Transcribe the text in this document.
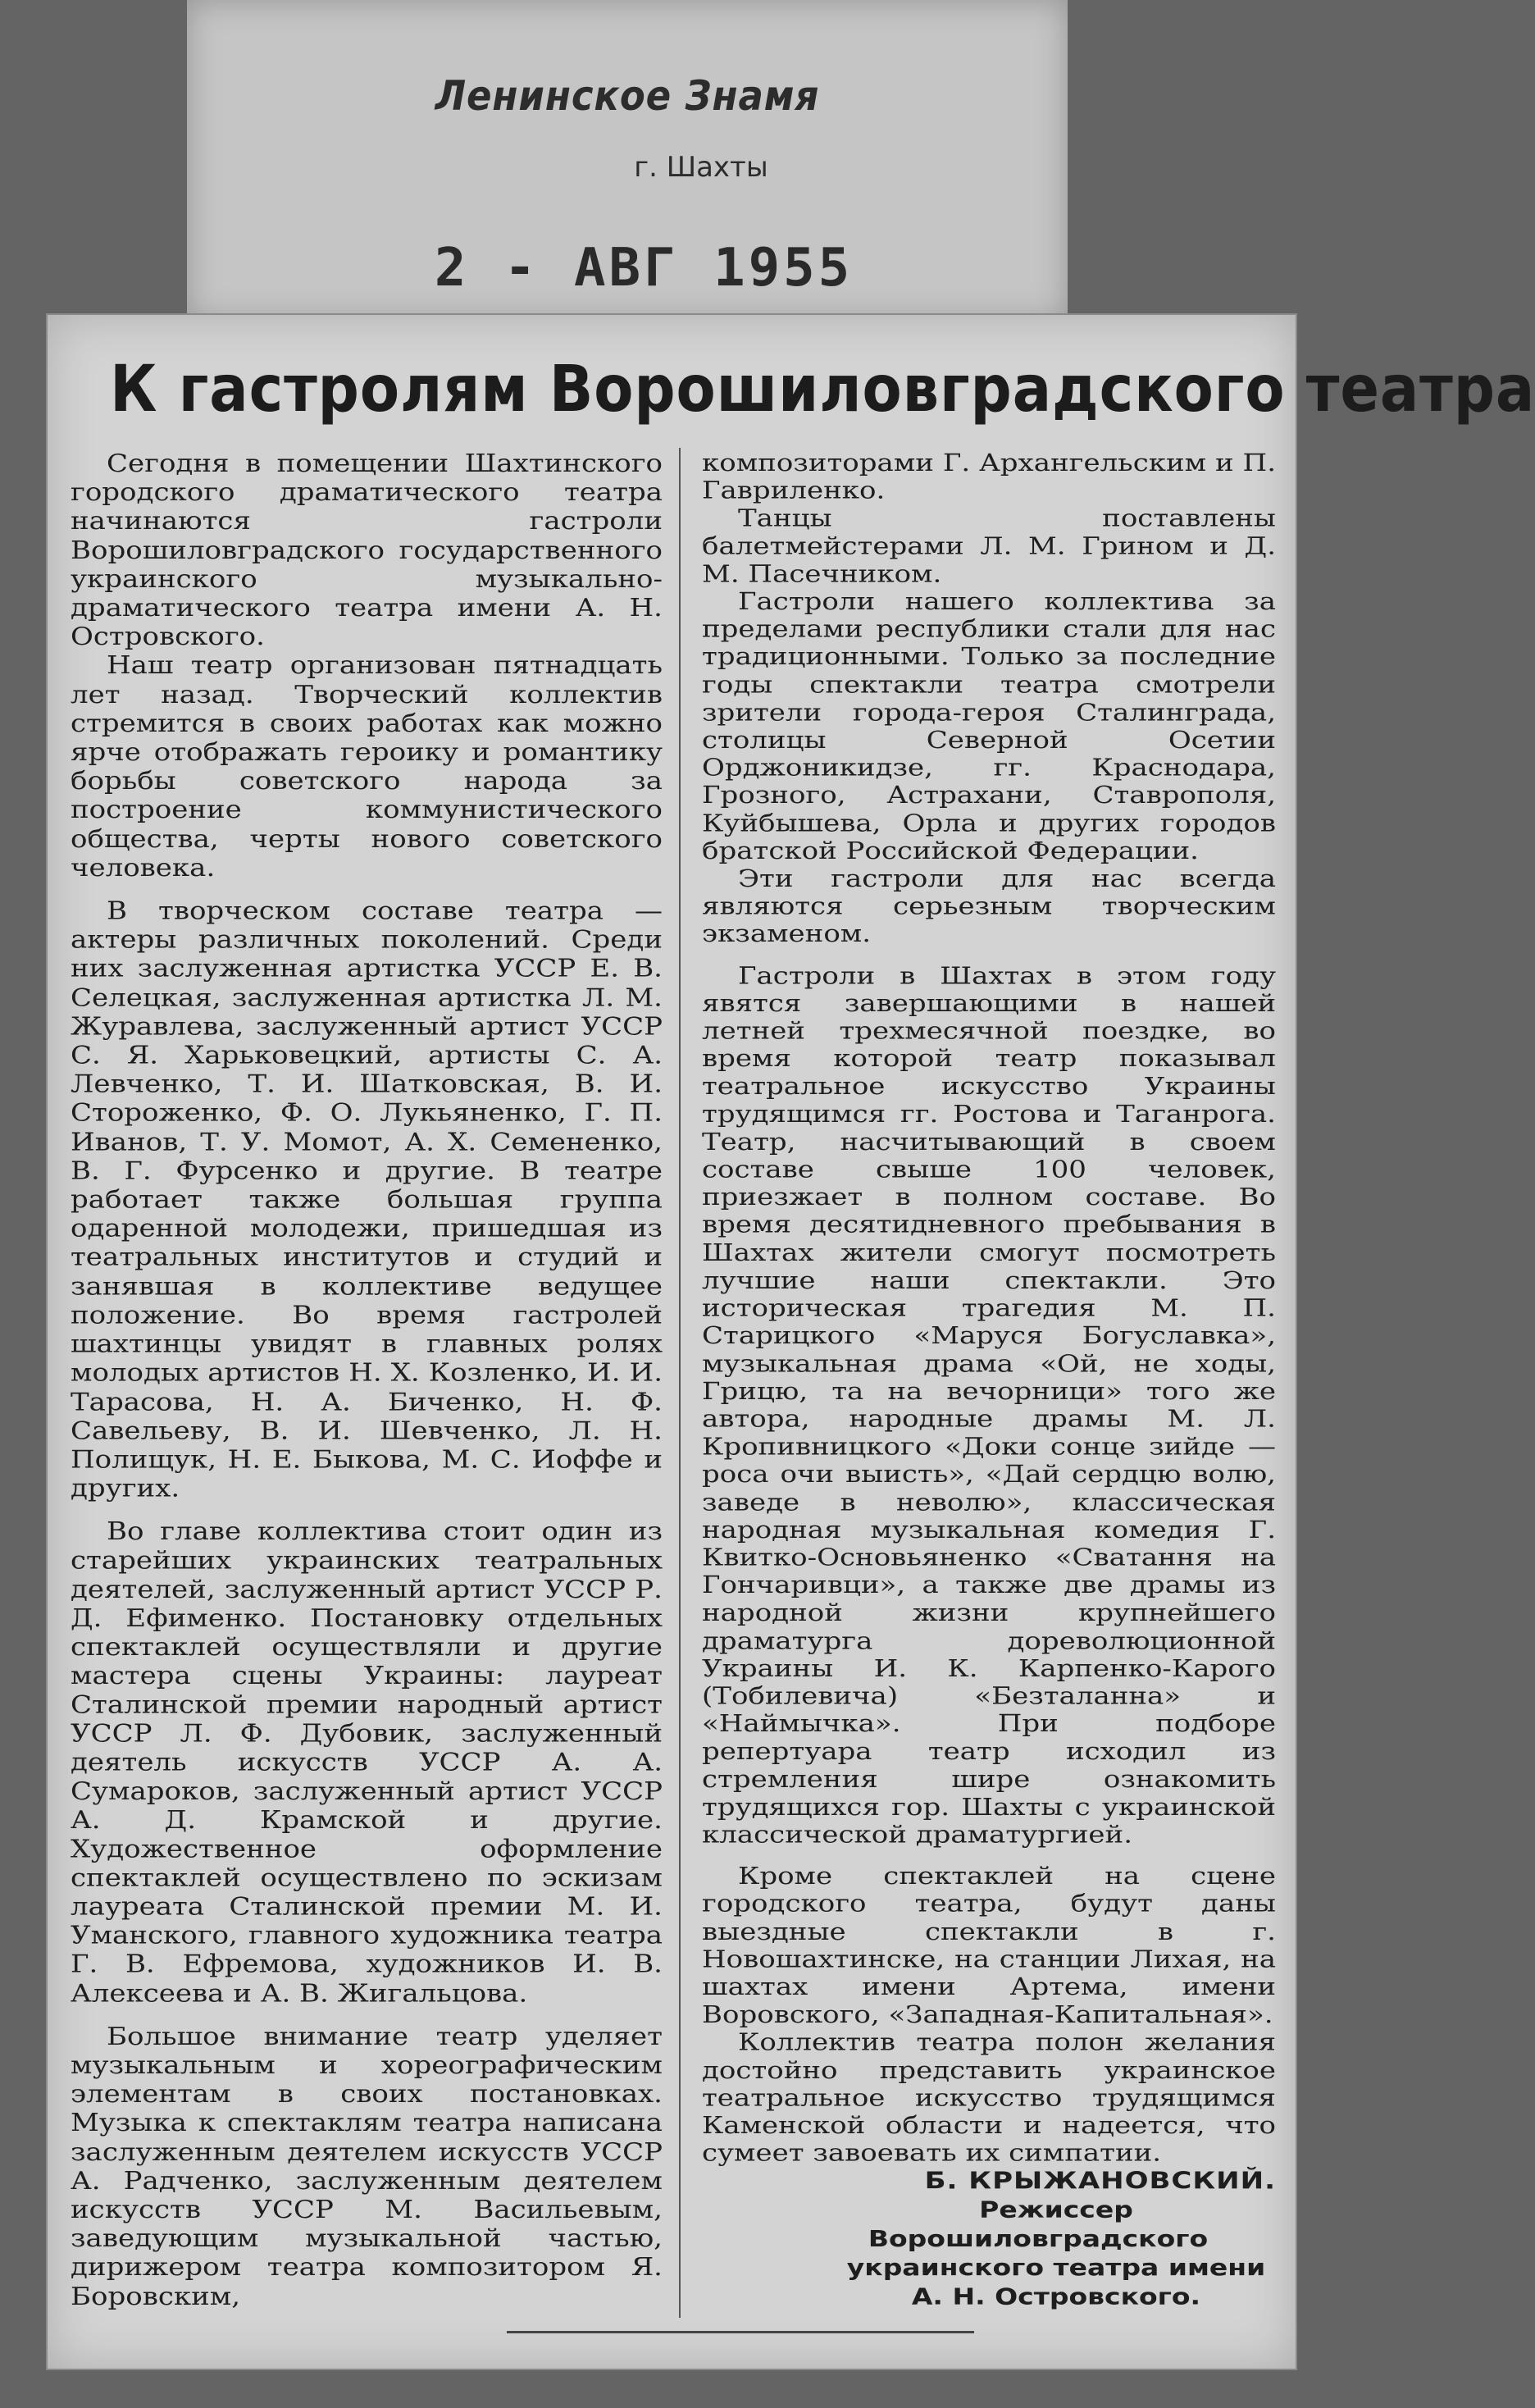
Ленинское Знамя
г. Шахты
2 - АВГ 1955
К гастролям Ворошиловградского театра

Сегодня в помещении Шахтинского городского драматического театра начинаются гастроли Ворошиловградского государственного украинского музыкально-драматического театра имени А. Н. Островского.

Наш театр организован пятнадцать лет назад. Творческий коллектив стремится в своих работах как можно ярче отображать героику и романтику борьбы советского народа за построение коммунистического общества, черты нового советского человека.

В творческом составе театра — актеры различных поколений. Среди них заслуженная артистка УССР Е. В. Селецкая, заслуженная артистка Л. М. Журавлева, заслуженный артист УССР С. Я. Харьковецкий, артисты С. А. Левченко, Т. И. Шатковская, В. И. Стороженко, Ф. О. Лукьяненко, Г. П. Иванов, Т. У. Момот, А. Х. Семененко, В. Г. Фурсенко и другие. В театре работает также большая группа одаренной молодежи, пришедшая из театральных институтов и студий и занявшая в коллективе ведущее положение. Во время гастролей шахтинцы увидят в главных ролях молодых артистов Н. Х. Козленко, И. И. Тарасова, Н. А. Биченко, Н. Ф. Савельеву, В. И. Шевченко, Л. Н. Полищук, Н. Е. Быкова, М. С. Иоффе и других.

Во главе коллектива стоит один из старейших украинских театральных деятелей, заслуженный артист УССР Р. Д. Ефименко. Постановку отдельных спектаклей осуществляли и другие мастера сцены Украины: лауреат Сталинской премии народный артист УССР Л. Ф. Дубовик, заслуженный деятель искусств УССР А. А. Сумароков, заслуженный артист УССР А. Д. Крамской и другие. Художественное оформление спектаклей осуществлено по эскизам лауреата Сталинской премии М. И. Уманского, главного художника театра Г. В. Ефремова, художников И. В. Алексеева и А. В. Жигальцова.

Большое внимание театр уделяет музыкальным и хореографическим элементам в своих постановках. Музыка к спектаклям театра написана заслуженным деятелем искусств УССР А. Радченко, заслуженным деятелем искусств УССР М. Васильевым, заведующим музыкальной частью, дирижером театра композитором Я. Боровским,

композиторами Г. Архангельским и П. Гавриленко.

Танцы поставлены балетмейстерами Л. М. Грином и Д. М. Пасечником.

Гастроли нашего коллектива за пределами республики стали для нас традиционными. Только за последние годы спектакли театра смотрели зрители города-героя Сталинграда, столицы Северной Осетии Орджоникидзе, гг. Краснодара, Грозного, Астрахани, Ставрополя, Куйбышева, Орла и других городов братской Российской Федерации.

Эти гастроли для нас всегда являются серьезным творческим экзаменом.

Гастроли в Шахтах в этом году явятся завершающими в нашей летней трехмесячной поездке, во время которой театр показывал театральное искусство Украины трудящимся гг. Ростова и Таганрога. Театр, насчитывающий в своем составе свыше 100 человек, приезжает в полном составе. Во время десятидневного пребывания в Шахтах жители смогут посмотреть лучшие наши спектакли. Это историческая трагедия М. П. Старицкого «Маруся Богуславка», музыкальная драма «Ой, не ходы, Грицю, та на вечорници» того же автора, народные драмы М. Л. Кропивницкого «Доки сонце зийде — роса очи выисть», «Дай сердцю волю, заведе в неволю», классическая народная музыкальная комедия Г. Квитко-Основьяненко «Сватання на Гончаривци», а также две драмы из народной жизни крупнейшего драматурга дореволюционной Украины И. К. Карпенко-Карого (Тобилевича) «Безталанна» и «Наймычка». При подборе репертуара театр исходил из стремления шире ознакомить трудящихся гор. Шахты с украинской классической драматургией.

Кроме спектаклей на сцене городского театра, будут даны выездные спектакли в г. Новошахтинске, на станции Лихая, на шахтах имени Артема, имени Воровского, «Западная-Капитальная».

Коллектив театра полон желания достойно представить украинское театральное искусство трудящимся Каменской области и надеется, что сумеет завоевать их симпатии.

Б. КРЫЖАНОВСКИЙ.

Режиссер Ворошиловградского

украинского театра имени

А. Н. Островского.
